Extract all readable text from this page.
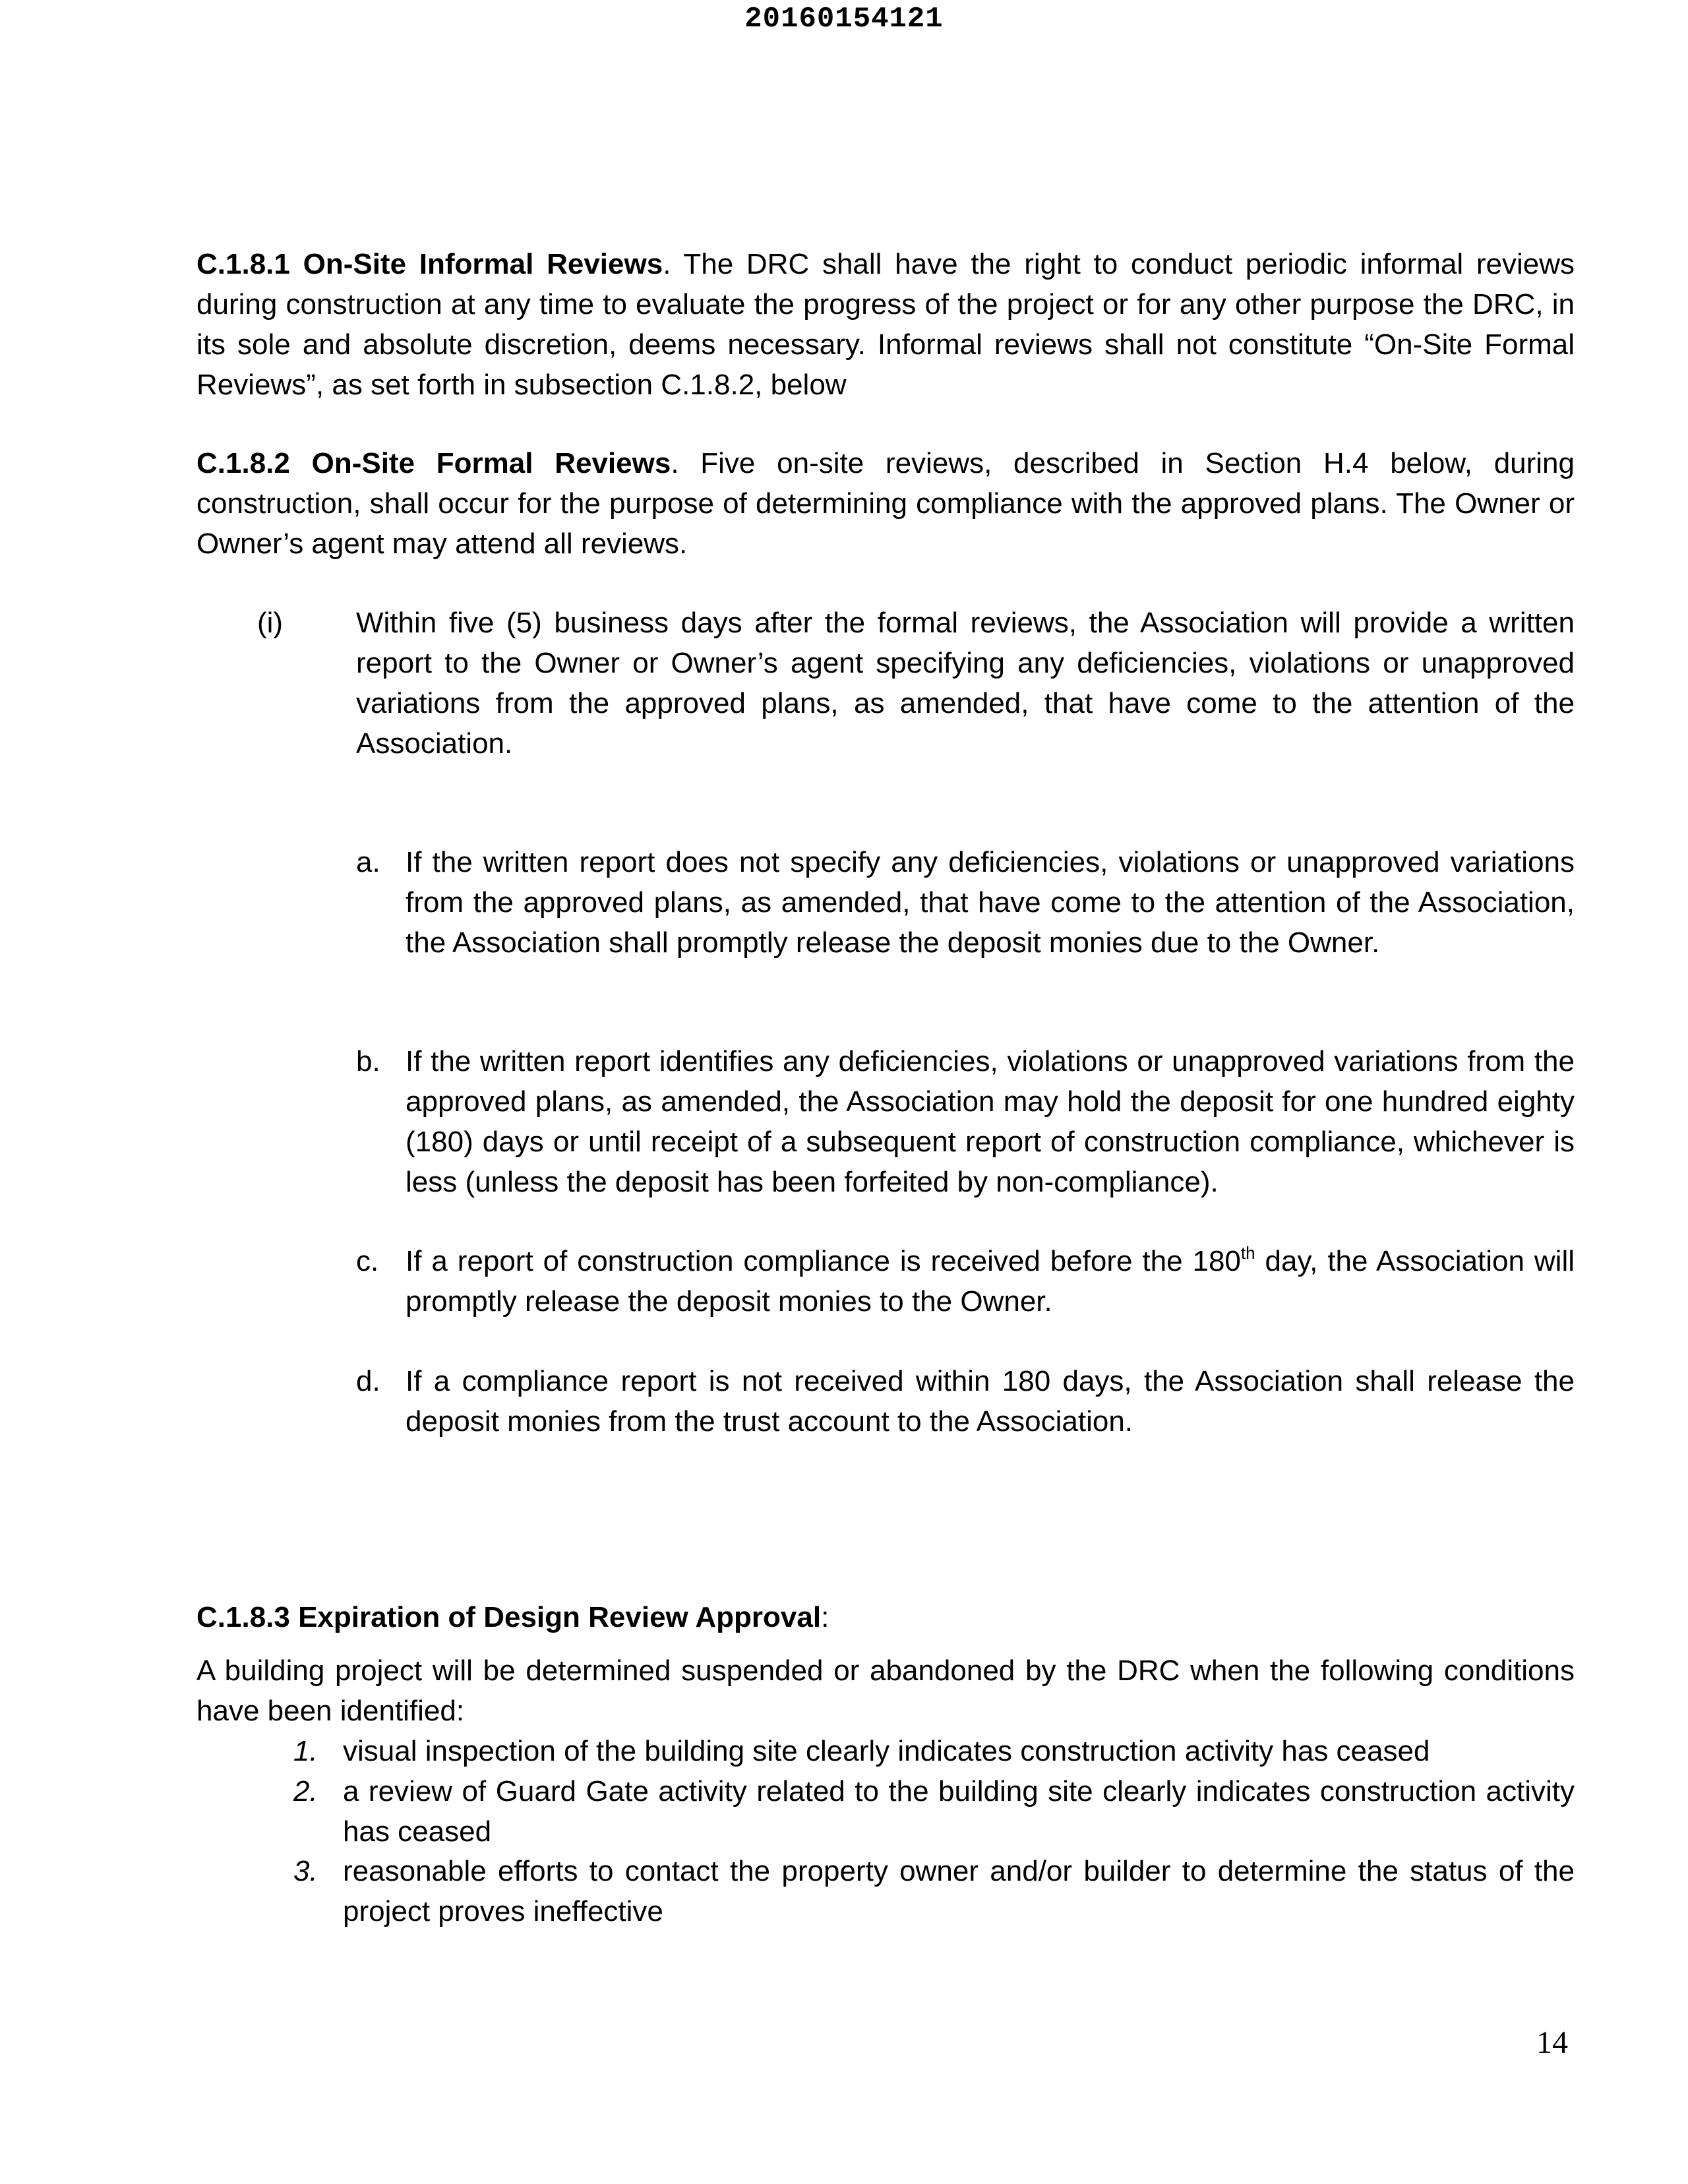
20160154121

C.1.8.1 On-Site Informal Reviews. The DRC shall have the right to conduct periodic informal reviews during construction at any time to evaluate the progress of the project or for any other purpose the DRC, in its sole and absolute discretion, deems necessary. Informal reviews shall not constitute “On-Site Formal Reviews”, as set forth in subsection C.1.8.2, below

C.1.8.2 On-Site Formal Reviews. Five on-site reviews, described in Section H.4 below, during construction, shall occur for the purpose of determining compliance with the approved plans. The Owner or Owner’s agent may attend all reviews.

(i)	Within five (5) business days after the formal reviews, the Association will provide a written report to the Owner or Owner’s agent specifying any deficiencies, violations or unapproved variations from the approved plans, as amended, that have come to the attention of the Association.

a. If the written report does not specify any deficiencies, violations or unapproved variations from the approved plans, as amended, that have come to the attention of the Association, the Association shall promptly release the deposit monies due to the Owner.

b. If the written report identifies any deficiencies, violations or unapproved variations from the approved plans, as amended, the Association may hold the deposit for one hundred eighty (180) days or until receipt of a subsequent report of construction compliance, whichever is less (unless the deposit has been forfeited by non-compliance).

c. If a report of construction compliance is received before the 180th day, the Association will promptly release the deposit monies to the Owner.

d. If a compliance report is not received within 180 days, the Association shall release the deposit monies from the trust account to the Association.

C.1.8.3 Expiration of Design Review Approval:

A building project will be determined suspended or abandoned by the DRC when the following conditions have been identified:

1. visual inspection of the building site clearly indicates construction activity has ceased

2. a review of Guard Gate activity related to the building site clearly indicates construction activity has ceased

3. reasonable efforts to contact the property owner and/or builder to determine the status of the project proves ineffective

14
